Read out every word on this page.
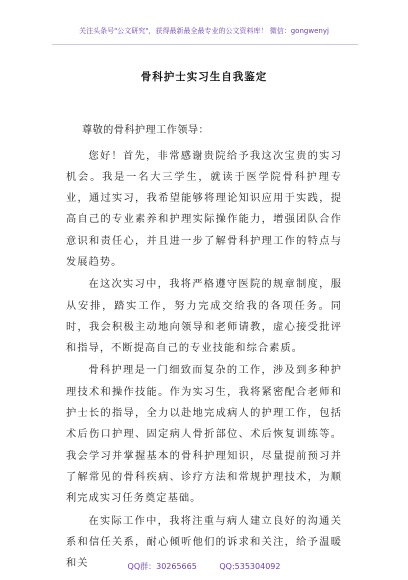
关注头条号"公文研究"，获得最新最全最专业的公文资料库！ 微信：gongwenyj
骨科护士实习生自我鉴定

尊敬的骨科护理工作领导：

您好！首先，非常感谢贵院给予我这次宝贵的实习机会。我是一名大三学生，就读于医学院骨科护理专业，通过实习，我希望能够将理论知识应用于实践，提高自己的专业素养和护理实际操作能力，增强团队合作意识和责任心，并且进一步了解骨科护理工作的特点与发展趋势。

在这次实习中，我将严格遵守医院的规章制度，服从安排，踏实工作，努力完成交给我的各项任务。同时，我会积极主动地向领导和老师请教，虚心接受批评和指导，不断提高自己的专业技能和综合素质。

骨科护理是一门细致而复杂的工作，涉及到多种护理技术和操作技能。作为实习生，我将紧密配合老师和护士长的指导，全力以赴地完成病人的护理工作，包括术后伤口护理、固定病人骨折部位、术后恢复训练等。我会学习并掌握基本的骨科护理知识，尽量提前预习并了解常见的骨科疾病、诊疗方法和常规护理技术，为顺利完成实习任务奠定基础。

在实际工作中，我将注重与病人建立良好的沟通关系和信任关系，耐心倾听他们的诉求和关注，给予温暖和关	QQ群：30265665	QQ:535304092
